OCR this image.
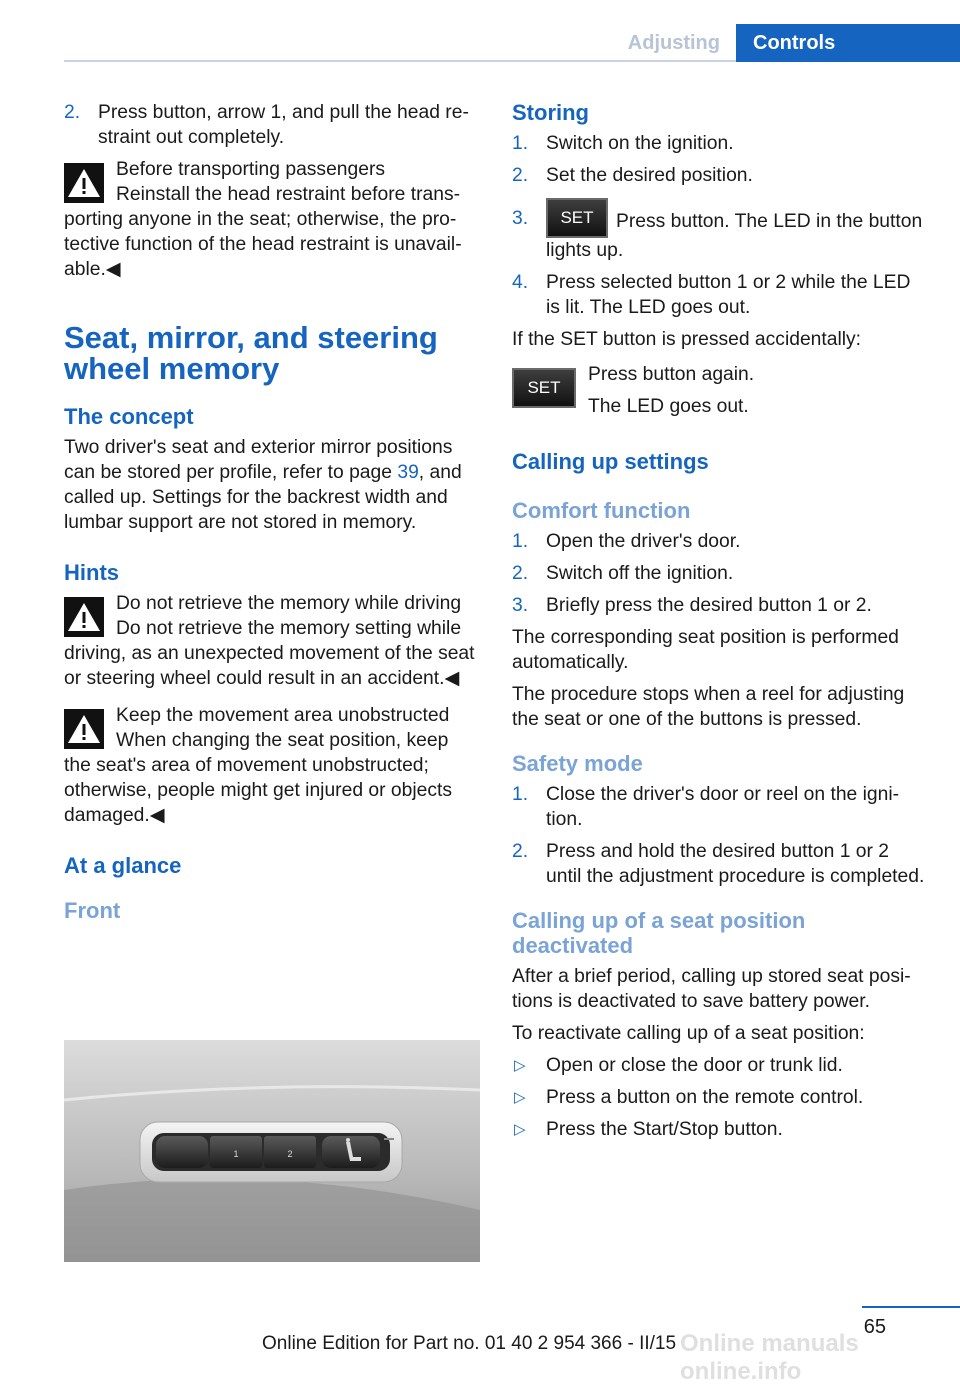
Adjusting	Controls
2. Press button, arrow 1, and pull the head restraint out completely.

Before transporting passengers

Reinstall the head restraint before transporting anyone in the seat; otherwise, the protective function of the head restraint is unavailable.◀

Seat, mirror, and steering wheel memory
The concept

Two driver's seat and exterior mirror positions can be stored per profile, refer to page 39, and called up. Settings for the backrest width and lumbar support are not stored in memory.

Hints

Do not retrieve the memory while driving

Do not retrieve the memory setting while driving, as an unexpected movement of the seat or steering wheel could result in an accident.◀

Keep the movement area unobstructed

When changing the seat position, keep the seat's area of movement unobstructed; otherwise, people might get injured or objects damaged.◀

At a glance
Front
1	2
Storing
1. Switch on the ignition.
2. Set the desired position.
3. SET Press button. The LED in the button lights up.
4. Press selected button 1 or 2 while the LED is lit. The LED goes out.

If the SET button is pressed accidentally:

SET

Press button again.

The LED goes out.

Calling up settings
Comfort function
1. Open the driver's door.
2. Switch off the ignition.
3. Briefly press the desired button 1 or 2.

The corresponding seat position is performed automatically.

The procedure stops when a reel for adjusting the seat or one of the buttons is pressed.

Safety mode
1. Close the driver's door or reel on the ignition.
2. Press and hold the desired button 1 or 2 until the adjustment procedure is completed.
Calling up of a seat position deactivated

After a brief period, calling up stored seat positions is deactivated to save battery power.

To reactivate calling up of a seat position:

▷ Open or close the door or trunk lid.
▷ Press a button on the remote control.
▷ Press the Start/Stop button.
Online manuals online.info
65
Online Edition for Part no. 01 40 2 954 366 - II/15
